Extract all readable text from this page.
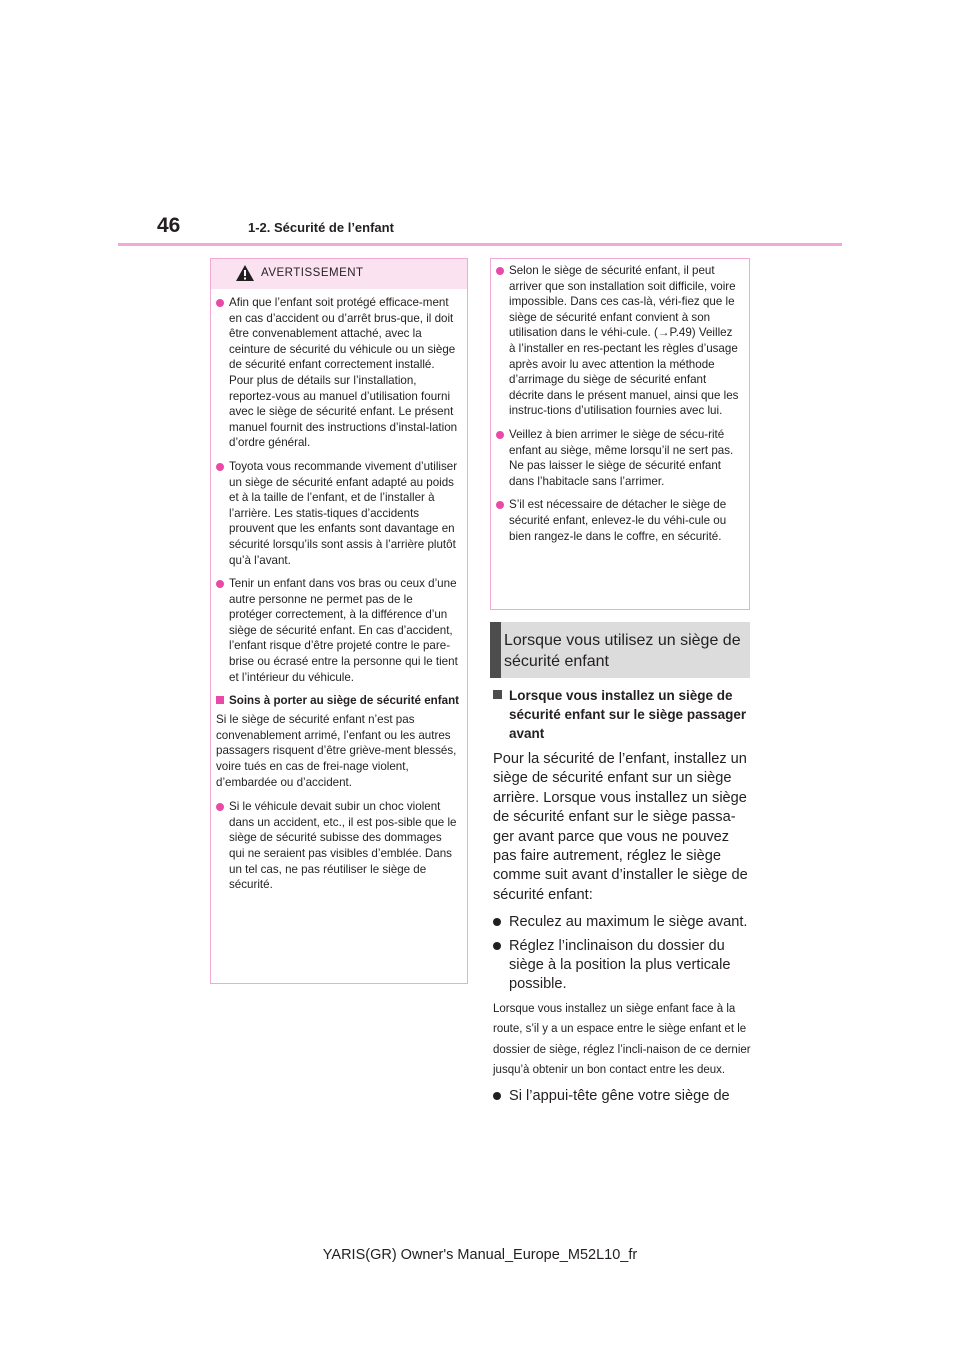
46	1-2. Sécurité de l’enfant
AVERTISSEMENT
Afin que l’enfant soit protégé efficace-ment en cas d’accident ou d’arrêt brus-que, il doit être convenablement attaché, avec la ceinture de sécurité du véhicule ou un siège de sécurité enfant correctement installé. Pour plus de détails sur l’installation, reportez-vous au manuel d’utilisation fourni avec le siège de sécurité enfant. Le présent manuel fournit des instructions d’instal-lation d’ordre général.
Toyota vous recommande vivement d’utiliser un siège de sécurité enfant adapté au poids et à la taille de l’enfant, et de l’installer à l’arrière. Les statis-tiques d’accidents prouvent que les enfants sont davantage en sécurité lorsqu’ils sont assis à l’arrière plutôt qu’à l’avant.
Tenir un enfant dans vos bras ou ceux d’une autre personne ne permet pas de le protéger correctement, à la différence d’un siège de sécurité enfant. En cas d’accident, l’enfant risque d’être projeté contre le pare-brise ou écrasé entre la personne qui le tient et l’intérieur du véhicule.
Soins à porter au siège de sécurité enfant
Si le siège de sécurité enfant n’est pas convenablement arrimé, l’enfant ou les autres passagers risquent d’être griève-ment blessés, voire tués en cas de frei-nage violent, d’embardée ou d’accident.
Si le véhicule devait subir un choc violent dans un accident, etc., il est pos-sible que le siège de sécurité subisse des dommages qui ne seraient pas visibles d’emblée. Dans un tel cas, ne pas réutiliser le siège de sécurité.
Selon le siège de sécurité enfant, il peut arriver que son installation soit difficile, voire impossible. Dans ces cas-là, véri-fiez que le siège de sécurité enfant convient à son utilisation dans le véhi-cule. (→P.49) Veillez à l’installer en res-pectant les règles d’usage après avoir lu avec attention la méthode d’arrimage du siège de sécurité enfant décrite dans le présent manuel, ainsi que les instruc-tions d’utilisation fournies avec lui.
Veillez à bien arrimer le siège de sécu-rité enfant au siège, même lorsqu’il ne sert pas. Ne pas laisser le siège de sécurité enfant dans l’habitacle sans l’arrimer.
S’il est nécessaire de détacher le siège de sécurité enfant, enlevez-le du véhi-cule ou bien rangez-le dans le coffre, en sécurité.
Lorsque vous utilisez un siège de sécurité enfant
Lorsque vous installez un siège de sécurité enfant sur le siège passager avant
Pour la sécurité de l’enfant, installez un siège de sécurité enfant sur un siège arrière. Lorsque vous installez un siège de sécurité enfant sur le siège passa-ger avant parce que vous ne pouvez pas faire autrement, réglez le siège comme suit avant d’installer le siège de sécurité enfant:
Reculez au maximum le siège avant.
Réglez l’inclinaison du dossier du siège à la position la plus verticale possible.
Lorsque vous installez un siège enfant face à la route, s’il y a un espace entre le siège enfant et le dossier de siège, réglez l’incli-naison de ce dernier jusqu’à obtenir un bon contact entre les deux.
Si l’appui-tête gêne votre siège de
YARIS(GR) Owner's Manual_Europe_M52L10_fr
